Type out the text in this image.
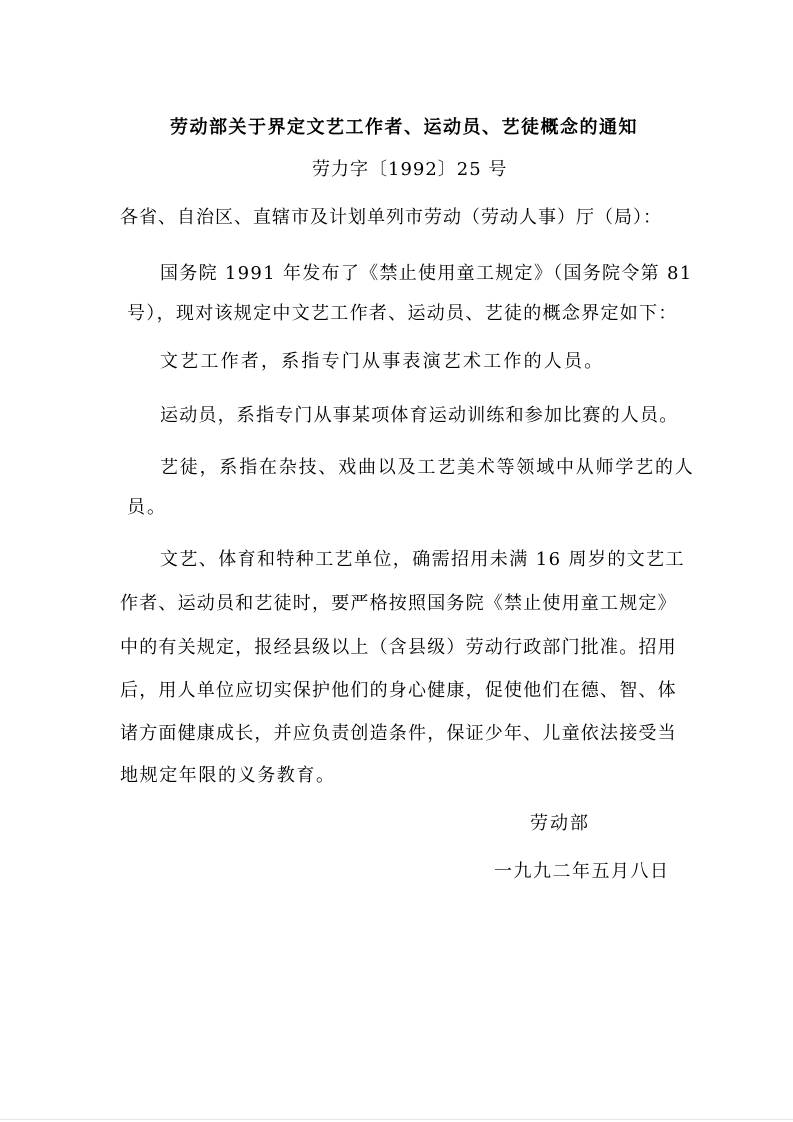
劳动部关于界定文艺工作者、运动员、艺徒概念的通知
劳力字〔1992〕25 号
各省、自治区、直辖市及计划单列市劳动（劳动人事）厅（局）：
国务院 1991 年发布了《禁止使用童工规定》（国务院令第 81
号），现对该规定中文艺工作者、运动员、艺徒的概念界定如下：
文艺工作者，系指专门从事表演艺术工作的人员。
运动员，系指专门从事某项体育运动训练和参加比赛的人员。
艺徒，系指在杂技、戏曲以及工艺美术等领域中从师学艺的人
员。
文艺、体育和特种工艺单位，确需招用未满 16 周岁的文艺工
作者、运动员和艺徒时，要严格按照国务院《禁止使用童工规定》
中的有关规定，报经县级以上（含县级）劳动行政部门批准。招用
后，用人单位应切实保护他们的身心健康，促使他们在德、智、体
诸方面健康成长，并应负责创造条件，保证少年、儿童依法接受当
地规定年限的义务教育。
劳动部
一九九二年五月八日
